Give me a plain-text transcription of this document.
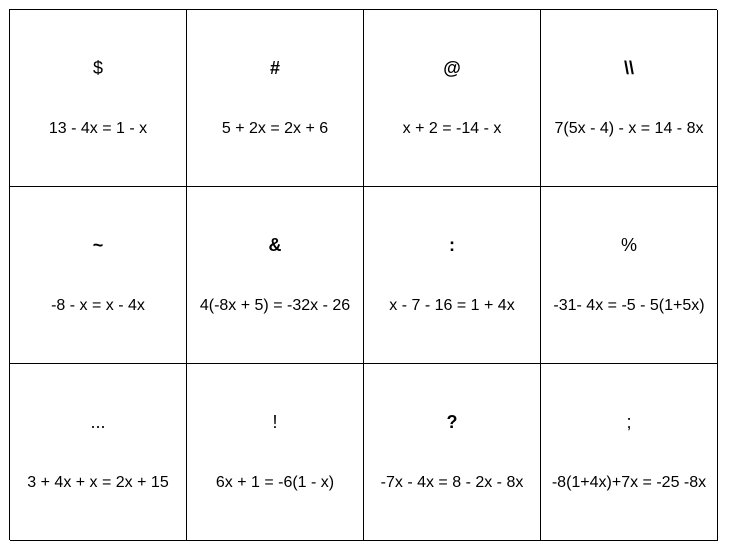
$
13 - 4x = 1 - x
#
5 + 2x = 2x + 6
@
x + 2 = -14 - x
\\
7(5x - 4) - x = 14 - 8x
~
-8 - x = x - 4x
&
4(-8x + 5) = -32x - 26
:
x - 7 - 16 = 1 + 4x
%
-31- 4x = -5 - 5(1+5x)
...
3 + 4x + x = 2x + 15
!
6x + 1 = -6(1 - x)
?
-7x - 4x = 8 - 2x - 8x
;
-8(1+4x)+7x = -25 -8x
